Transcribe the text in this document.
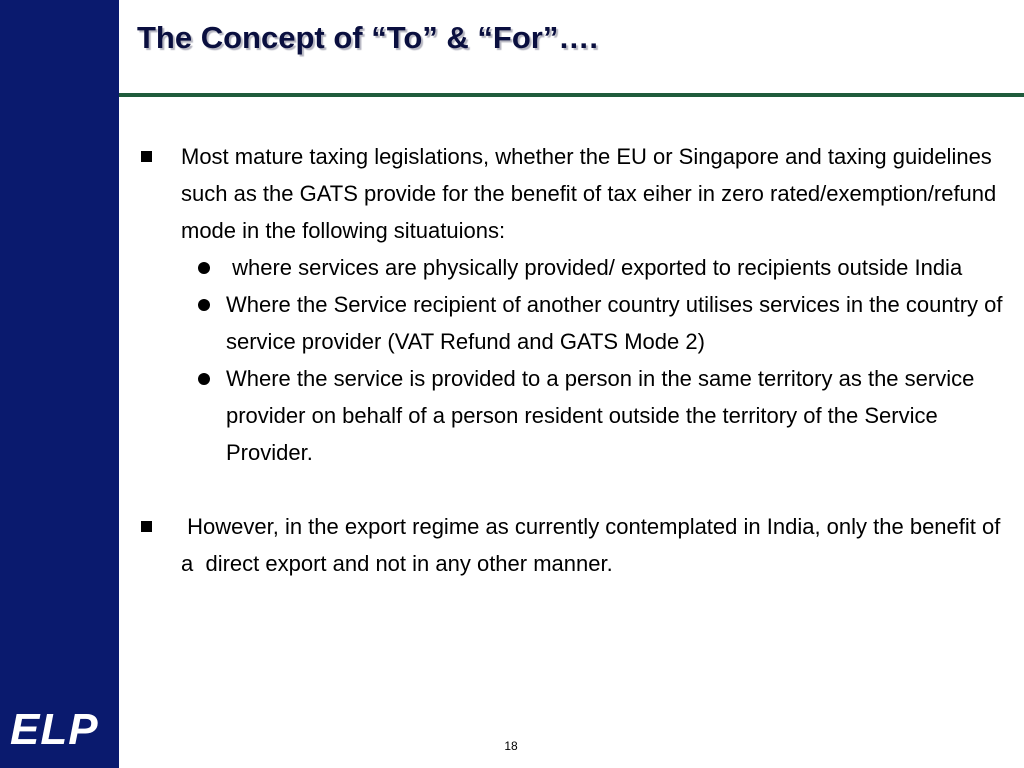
ELP
The Concept of “To” & “For”….
Most mature taxing legislations, whether the EU or Singapore and taxing guidelines such as the GATS provide for the benefit of tax eiher in zero rated/exemption/refund mode in the following situatuions:
where services are physically provided/ exported to recipients outside India
Where the Service recipient of another country utilises services in the country of service provider (VAT Refund and GATS Mode 2)
Where the service is provided to a person in the same territory as the service provider on behalf of a person resident outside the territory of the Service Provider.
However, in the export regime as currently contemplated in India, only the benefit of a  direct export and not in any other manner.
18
